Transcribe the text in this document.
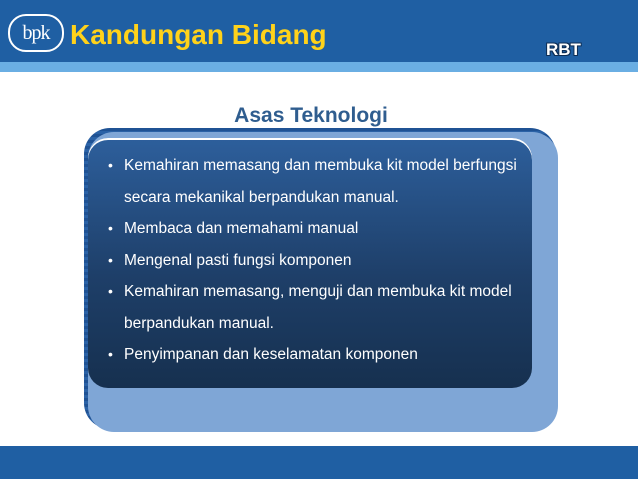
bpk Kandungan Bidang	RBT
Asas Teknologi
• Kemahiran memasang dan membuka kit model berfungsi secara mekanikal berpandukan manual.
• Membaca dan memahami manual
• Mengenal pasti fungsi komponen
• Kemahiran memasang, menguji dan membuka kit model berpandukan manual.
• Penyimpanan dan keselamatan komponen
